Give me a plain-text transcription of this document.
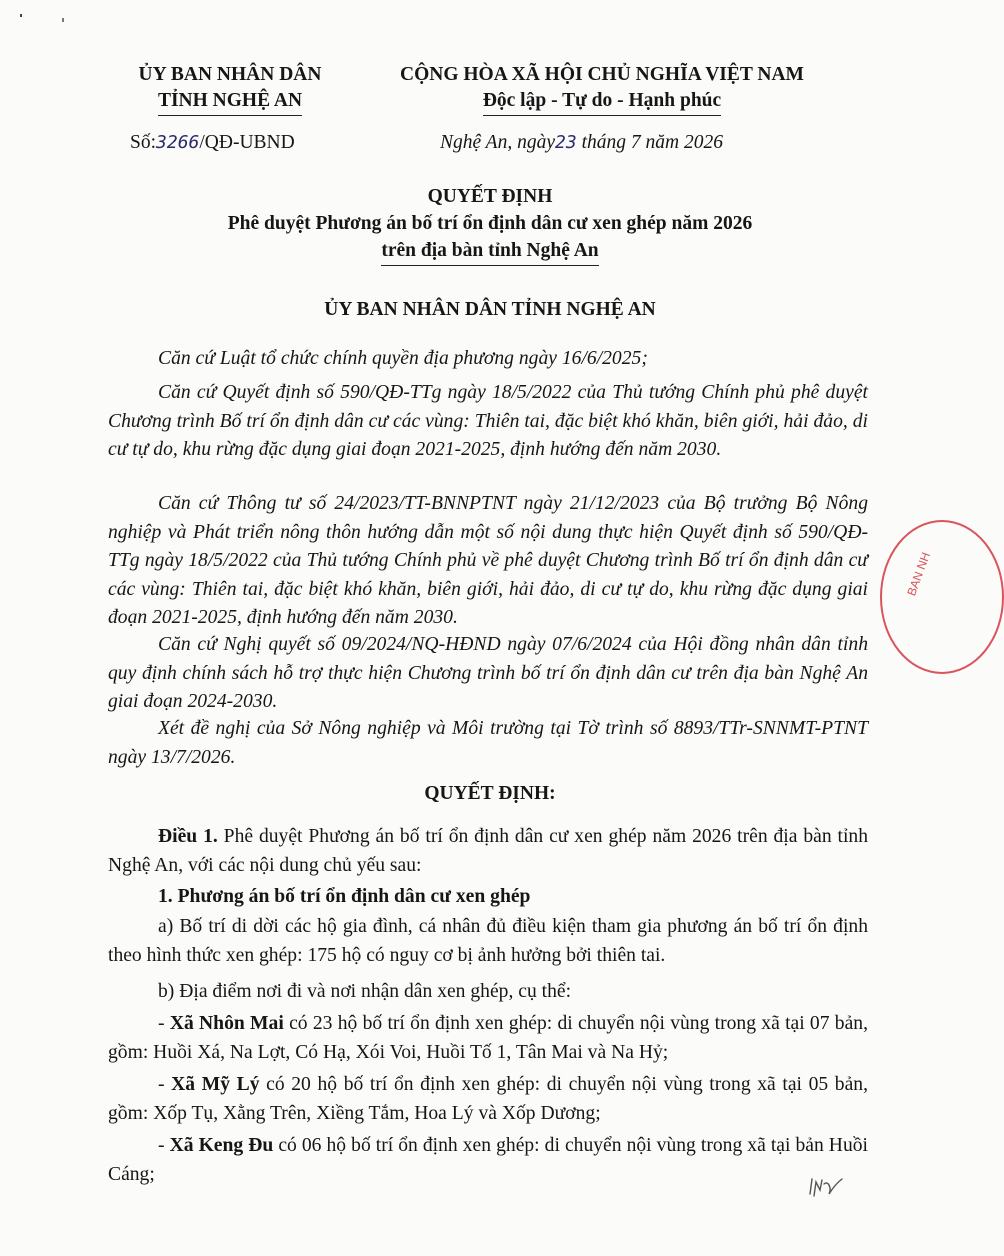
ỦY BAN NHÂN DÂN
TỈNH NGHỆ AN
CỘNG HÒA XÃ HỘI CHỦ NGHĨA VIỆT NAM
Độc lập - Tự do - Hạnh phúc
Số:3266/QĐ-UBND	Nghệ An, ngày23 tháng 7 năm 2026
QUYẾT ĐỊNH
Phê duyệt Phương án bố trí ổn định dân cư xen ghép năm 2026
trên địa bàn tỉnh Nghệ An
ỦY BAN NHÂN DÂN TỈNH NGHỆ AN

Căn cứ Luật tổ chức chính quyền địa phương ngày 16/6/2025;

Căn cứ Quyết định số 590/QĐ-TTg ngày 18/5/2022 của Thủ tướng Chính phủ phê duyệt Chương trình Bố trí ổn định dân cư các vùng: Thiên tai, đặc biệt khó khăn, biên giới, hải đảo, di cư tự do, khu rừng đặc dụng giai đoạn 2021-2025, định hướng đến năm 2030.

Căn cứ Thông tư số 24/2023/TT-BNNPTNT ngày 21/12/2023 của Bộ trưởng Bộ Nông nghiệp và Phát triển nông thôn hướng dẫn một số nội dung thực hiện Quyết định số 590/QĐ-TTg ngày 18/5/2022 của Thủ tướng Chính phủ về phê duyệt Chương trình Bố trí ổn định dân cư các vùng: Thiên tai, đặc biệt khó khăn, biên giới, hải đảo, di cư tự do, khu rừng đặc dụng giai đoạn 2021-2025, định hướng đến năm 2030.

Căn cứ Nghị quyết số 09/2024/NQ-HĐND ngày 07/6/2024 của Hội đồng nhân dân tỉnh quy định chính sách hỗ trợ thực hiện Chương trình bố trí ổn định dân cư trên địa bàn Nghệ An giai đoạn 2024-2030.

Xét đề nghị của Sở Nông nghiệp và Môi trường tại Tờ trình số 8893/TTr-SNNMT-PTNT ngày 13/7/2026.

QUYẾT ĐỊNH:

Điều 1. Phê duyệt Phương án bố trí ổn định dân cư xen ghép năm 2026 trên địa bàn tỉnh Nghệ An, với các nội dung chủ yếu sau:

1. Phương án bố trí ổn định dân cư xen ghép

a) Bố trí di dời các hộ gia đình, cá nhân đủ điều kiện tham gia phương án bố trí ổn định theo hình thức xen ghép: 175 hộ có nguy cơ bị ảnh hưởng bởi thiên tai.

b) Địa điểm nơi đi và nơi nhận dân xen ghép, cụ thể:

- Xã Nhôn Mai có 23 hộ bố trí ổn định xen ghép: di chuyển nội vùng trong xã tại 07 bản, gồm: Huồi Xá, Na Lợt, Có Hạ, Xói Voi, Huồi Tố 1, Tân Mai và Na Hỷ;

- Xã Mỹ Lý có 20 hộ bố trí ổn định xen ghép: di chuyển nội vùng trong xã tại 05 bản, gồm: Xốp Tụ, Xằng Trên, Xiềng Tắm, Hoa Lý và Xốp Dương;

- Xã Keng Đu có 06 hộ bố trí ổn định xen ghép: di chuyển nội vùng trong xã tại bản Huồi Cáng;

BAN NH
